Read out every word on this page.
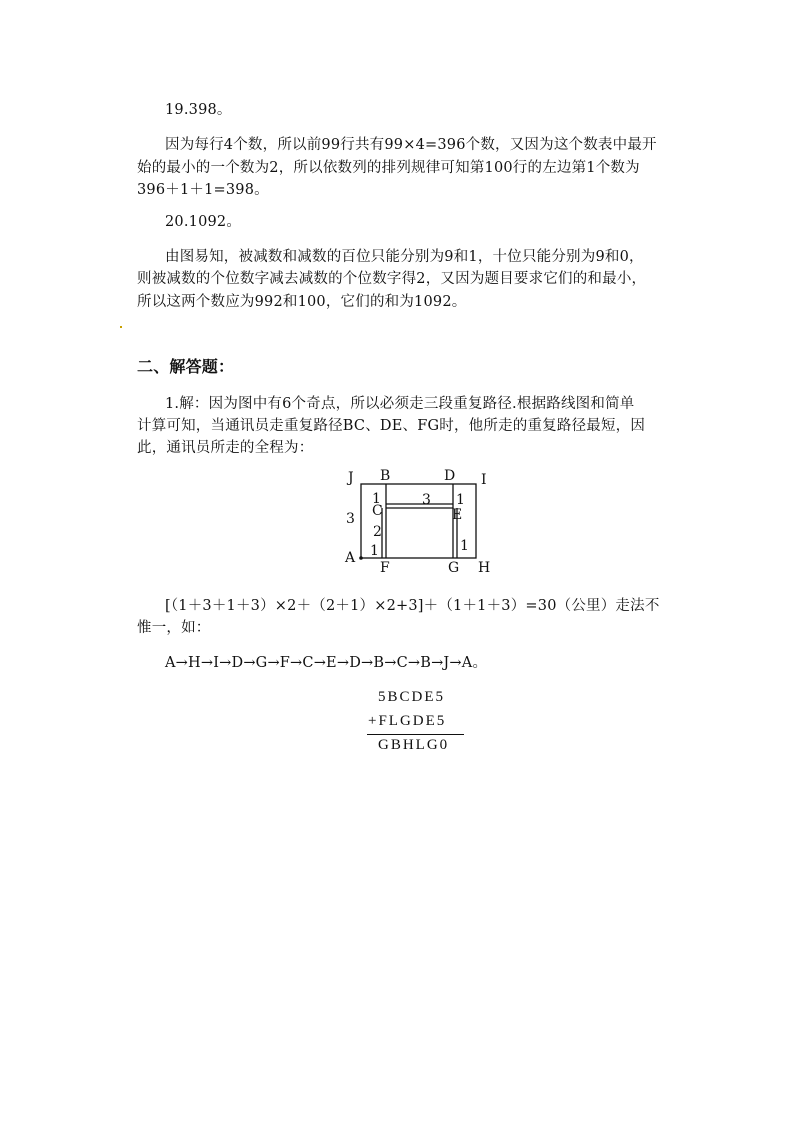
19.398。
因为每行4个数，所以前99行共有99×4=396个数，又因为这个数表中最开
始的最小的一个数为2，所以依数列的排列规律可知第100行的左边第1个数为
396＋1＋1=398。
20.1092。
由图易知，被减数和减数的百位只能分别为9和1，十位只能分别为9和0，
则被减数的个位数字减去减数的个位数字得2，又因为题目要求它们的和最小，
所以这两个数应为992和100，它们的和为1092。
二、解答题：
1.解：因为图中有6个奇点，所以必须走三段重复路径.根据路线图和简单
计算可知，当通讯员走重复路径BC、DE、FG时，他所走的重复路径最短，因
此，通讯员所走的全程为：
J B	D I
C	E
A
F	G H
1	3 1
3
2
1	1
[（1＋3＋1＋3）×2＋（2＋1）×2+3]＋（1＋1＋3）=30（公里）走法不
惟一，如：
A→H→I→D→G→F→C→E→D→B→C→B→J→A。
5BCDE5
+FLGDE5
GBHLG0
